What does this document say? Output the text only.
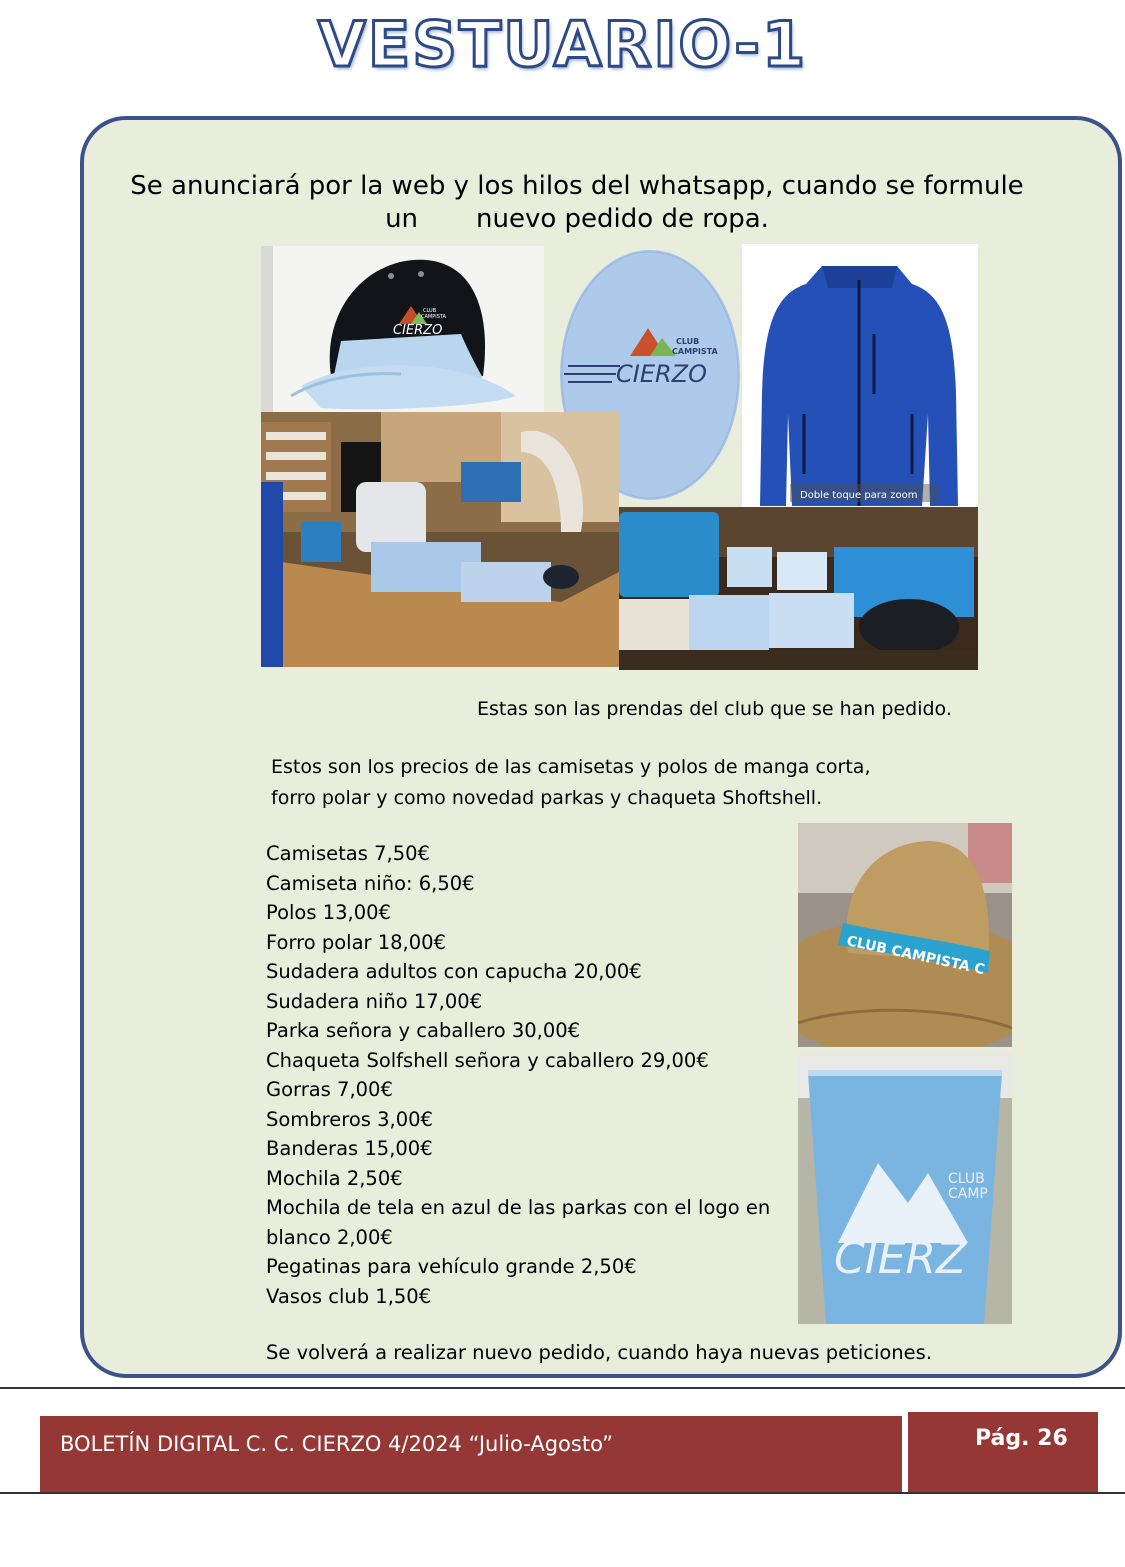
VESTUARIO-1
Se anunciará por la web y los hilos del whatsapp, cuando se formule
un nuevo pedido de ropa.
CLUB
CAMPISTA
CIERZO
CLUB
CAMPISTA
CIERZO
Doble toque para zoom
Estas son las prendas del club que se han pedido.
Estos son los precios de las camisetas y polos de manga corta,
forro polar y como novedad parkas y chaqueta Shoftshell.
Camisetas 7,50€
Camiseta niño: 6,50€
Polos 13,00€
Forro polar 18,00€
Sudadera adultos con capucha 20,00€
Sudadera niño 17,00€
Parka señora y caballero 30,00€
Chaqueta Solfshell señora y caballero 29,00€
Gorras 7,00€
Sombreros 3,00€
Banderas 15,00€
Mochila 2,50€
Mochila de tela en azul de las parkas con el logo en
blanco 2,00€
Pegatinas para vehículo grande 2,50€
Vasos club 1,50€
CLUB CAMPISTA C
CLUB
CAMP
CIERZ
Se volverá a realizar nuevo pedido, cuando haya nuevas peticiones.
BOLETÍN DIGITAL C. C. CIERZO 4/2024 “Julio-Agosto”	Pág. 26
